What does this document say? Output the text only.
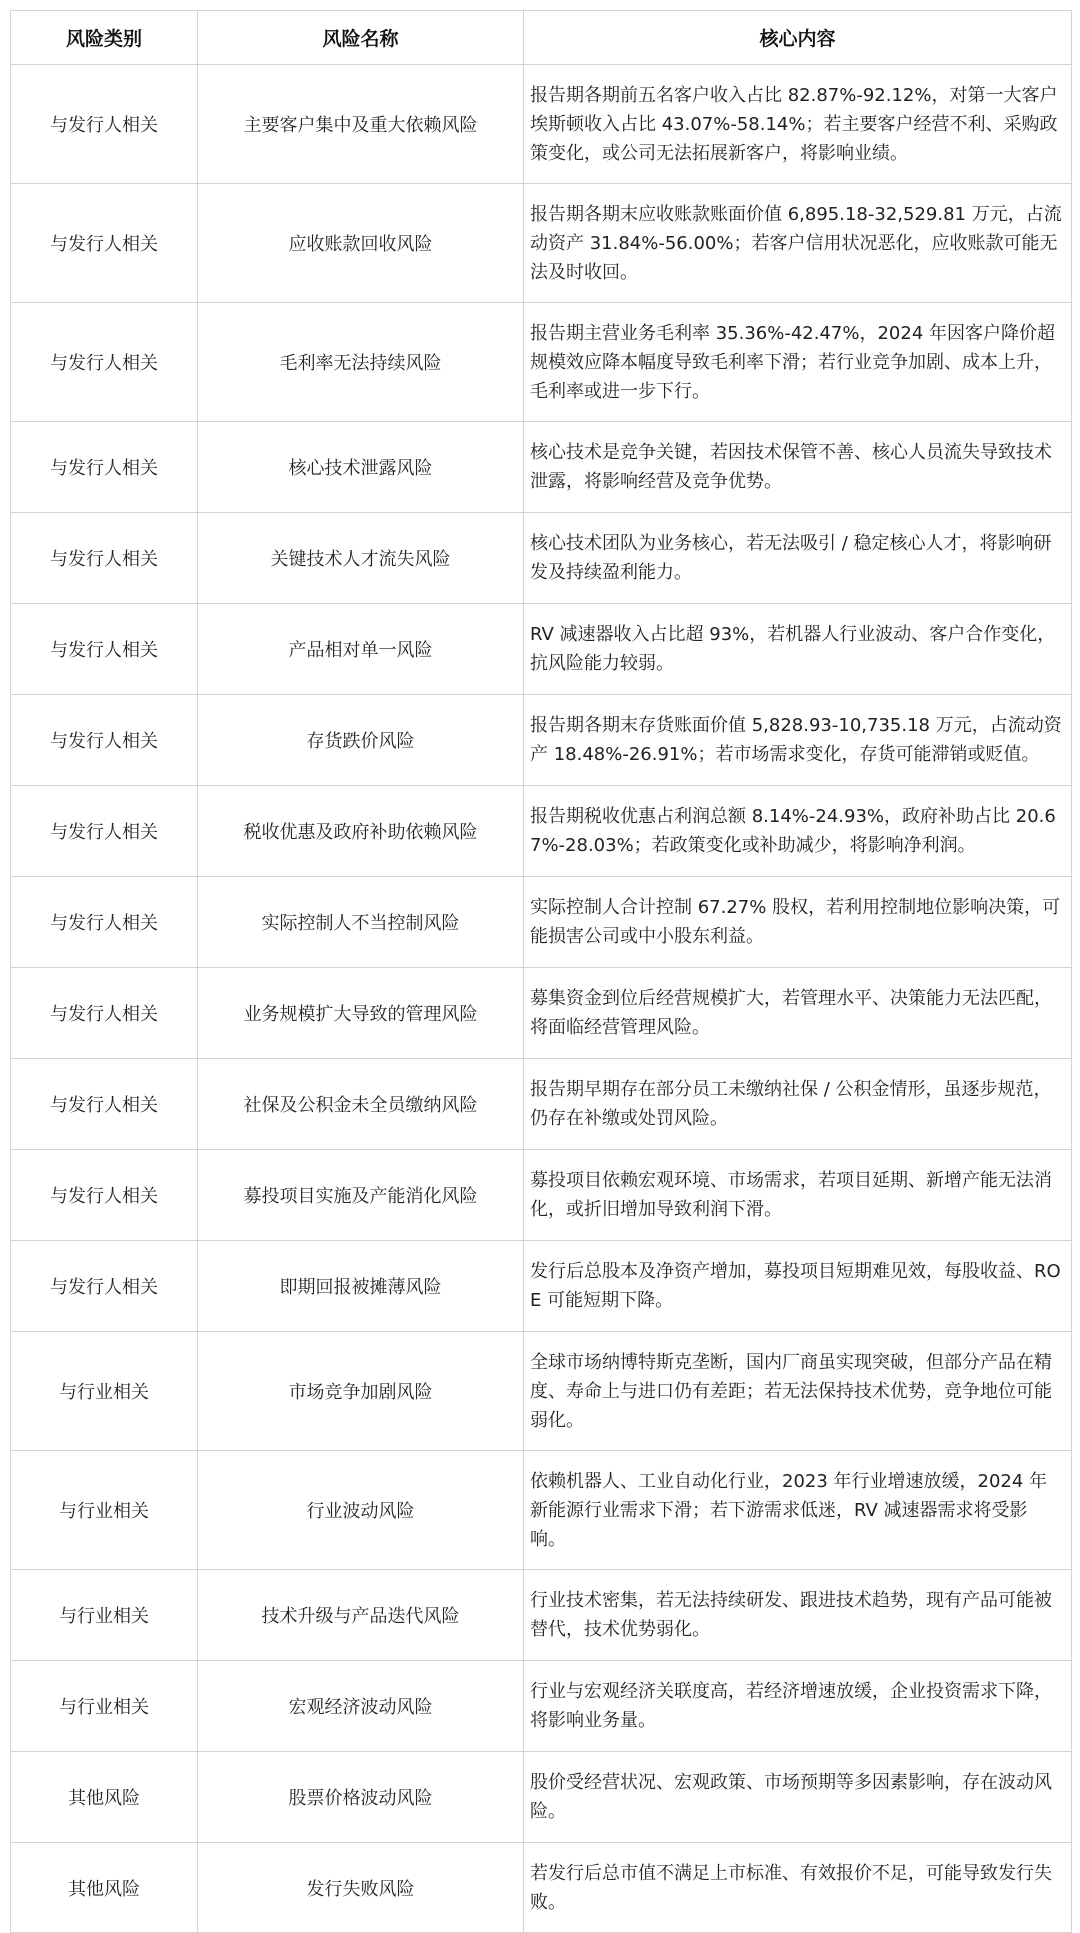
风险类别	风险名称	核心内容
与发行人相关	主要客户集中及重大依赖风险	报告期各期前五名客户收入占比 82.87%-92.12%，对第一大客户埃斯顿收入占比 43.07%-58.14%；若主要客户经营不利、采购政策变化，或公司无法拓展新客户，将影响业绩。
与发行人相关	应收账款回收风险	报告期各期末应收账款账面价值 6,895.18-32,529.81 万元，占流动资产 31.84%-56.00%；若客户信用状况恶化，应收账款可能无法及时收回。
与发行人相关	毛利率无法持续风险	报告期主营业务毛利率 35.36%-42.47%，2024 年因客户降价超规模效应降本幅度导致毛利率下滑；若行业竞争加剧、成本上升，毛利率或进一步下行。
与发行人相关	核心技术泄露风险	核心技术是竞争关键，若因技术保管不善、核心人员流失导致技术泄露，将影响经营及竞争优势。
与发行人相关	关键技术人才流失风险	核心技术团队为业务核心，若无法吸引 / 稳定核心人才，将影响研发及持续盈利能力。
与发行人相关	产品相对单一风险	RV 减速器收入占比超 93%，若机器人行业波动、客户合作变化，抗风险能力较弱。
与发行人相关	存货跌价风险	报告期各期末存货账面价值 5,828.93-10,735.18 万元，占流动资产 18.48%-26.91%；若市场需求变化，存货可能滞销或贬值。
与发行人相关	税收优惠及政府补助依赖风险	报告期税收优惠占利润总额 8.14%-24.93%，政府补助占比 20.67%-28.03%；若政策变化或补助减少，将影响净利润。
与发行人相关	实际控制人不当控制风险	实际控制人合计控制 67.27% 股权，若利用控制地位影响决策，可能损害公司或中小股东利益。
与发行人相关	业务规模扩大导致的管理风险	募集资金到位后经营规模扩大，若管理水平、决策能力无法匹配，将面临经营管理风险。
与发行人相关	社保及公积金未全员缴纳风险	报告期早期存在部分员工未缴纳社保 / 公积金情形，虽逐步规范，仍存在补缴或处罚风险。
与发行人相关	募投项目实施及产能消化风险	募投项目依赖宏观环境、市场需求，若项目延期、新增产能无法消化，或折旧增加导致利润下滑。
与发行人相关	即期回报被摊薄风险	发行后总股本及净资产增加，募投项目短期难见效，每股收益、ROE 可能短期下降。
与行业相关	市场竞争加剧风险	全球市场纳博特斯克垄断，国内厂商虽实现突破，但部分产品在精度、寿命上与进口仍有差距；若无法保持技术优势，竞争地位可能弱化。
与行业相关	行业波动风险	依赖机器人、工业自动化行业，2023 年行业增速放缓，2024 年新能源行业需求下滑；若下游需求低迷，RV 减速器需求将受影响。
与行业相关	技术升级与产品迭代风险	行业技术密集，若无法持续研发、跟进技术趋势，现有产品可能被替代，技术优势弱化。
与行业相关	宏观经济波动风险	行业与宏观经济关联度高，若经济增速放缓，企业投资需求下降，将影响业务量。
其他风险	股票价格波动风险	股价受经营状况、宏观政策、市场预期等多因素影响，存在波动风险。
其他风险	发行失败风险	若发行后总市值不满足上市标准、有效报价不足，可能导致发行失败。
